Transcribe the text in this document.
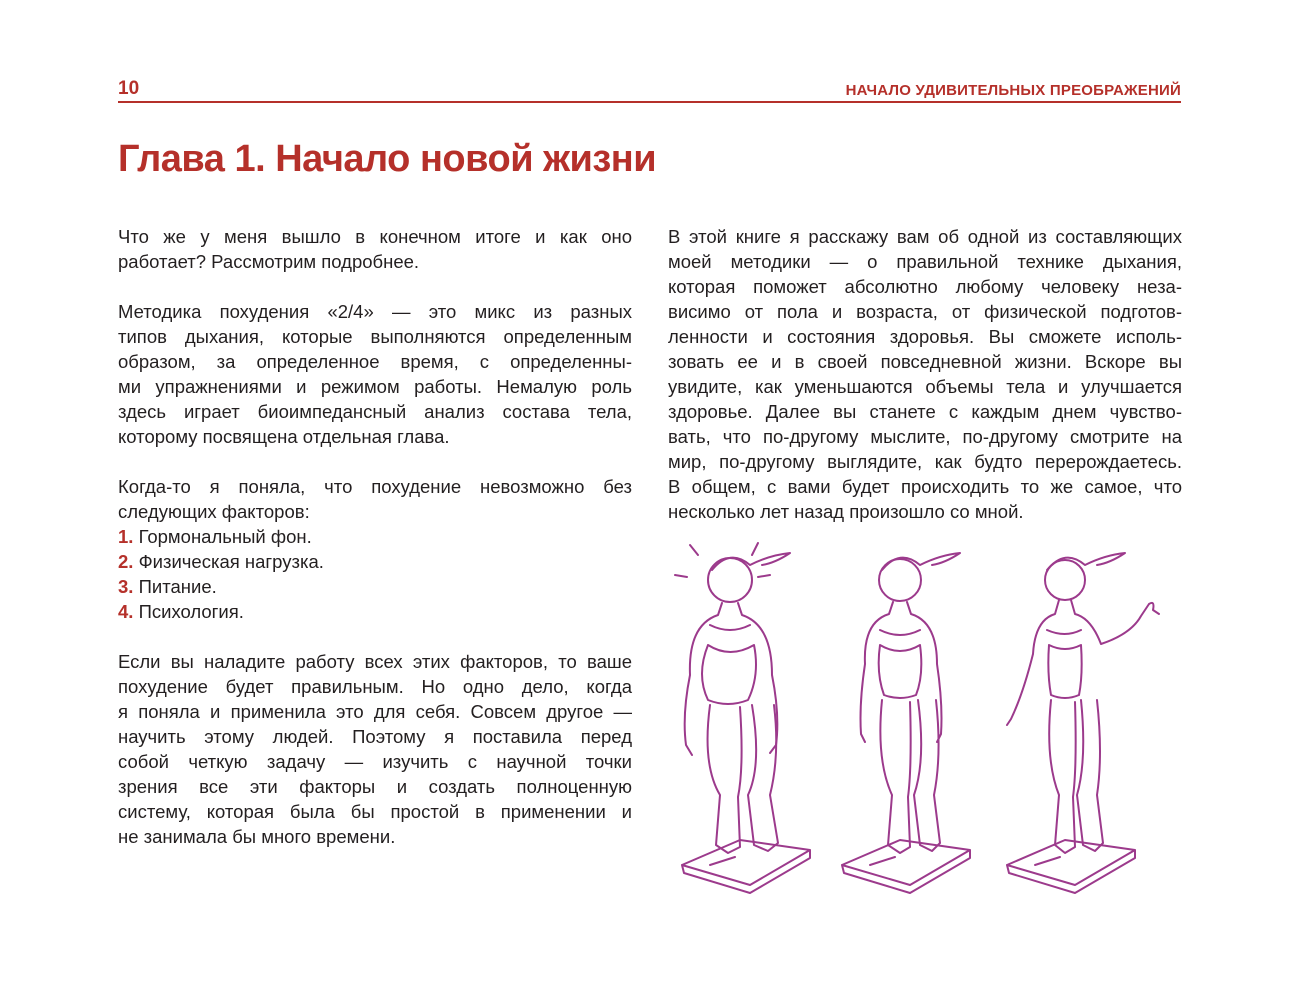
10	НАЧАЛО УДИВИТЕЛЬНЫХ ПРЕОБРАЖЕНИЙ
Глава 1. Начало новой жизни
Что же у меня вышло в конечном итоге и как оно
работает? Рассмотрим подробнее.
Методика похудения «2/4» — это микс из разных
типов дыхания, которые выполняются определенным
образом, за определенное время, с определенны-
ми упражнениями и режимом работы. Немалую роль
здесь играет биоимпедансный анализ состава тела,
которому посвящена отдельная глава.
Когда-то я поняла, что похудение невозможно без
следующих факторов:
1. Гормональный фон.
2. Физическая нагрузка.
3. Питание.
4. Психология.
Если вы наладите работу всех этих факторов, то ваше
похудение будет правильным. Но одно дело, когда
я поняла и применила это для себя. Совсем другое —
научить этому людей. Поэтому я поставила перед
собой четкую задачу — изучить с научной точки
зрения все эти факторы и создать полноценную
систему, которая была бы простой в применении и
не занимала бы много времени.
В этой книге я расскажу вам об одной из составляющих
моей методики — о правильной технике дыхания,
которая поможет абсолютно любому человеку неза-
висимо от пола и возраста, от физической подготов-
ленности и состояния здоровья. Вы сможете исполь-
зовать ее и в своей повседневной жизни. Вскоре вы
увидите, как уменьшаются объемы тела и улучшается
здоровье. Далее вы станете с каждым днем чувство-
вать, что по-другому мыслите, по-другому смотрите на
мир, по-другому выглядите, как будто перерождаетесь.
В общем, с вами будет происходить то же самое, что
несколько лет назад произошло со мной.
